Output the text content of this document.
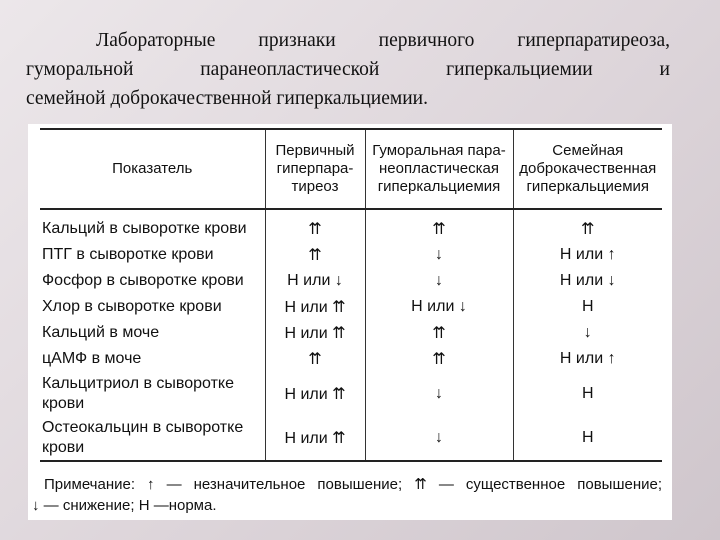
Лабораторные признаки первичного гиперпаратиреоза,

гуморальной паранеопластической гиперкальциемии и

семейной доброкачественной гиперкальциемии.

Показатель	Первичный гиперпара-тиреоз	Гуморальная пара-неопластическая гиперкальциемия	Семейная доброкачественная гиперкальциемия
Кальций в сыворотке крови	⇈	⇈	⇈
ПТГ в сыворотке крови	⇈	↓	Н или ↑
Фосфор в сыворотке крови	Н или ↓	↓	Н или ↓
Хлор в сыворотке крови	Н или ⇈	Н или ↓	Н
Кальций в моче	Н или ⇈	⇈	↓
цАМФ в моче	⇈	⇈	Н или ↑
Кальцитриол в сыворотке крови	Н или ⇈	↓	Н
Остеокальцин в сыворотке крови	Н или ⇈	↓	Н

Примечание: ↑ — незначительное повышение; ⇈ — существенное повышение;

↓ — снижение; Н —норма.
